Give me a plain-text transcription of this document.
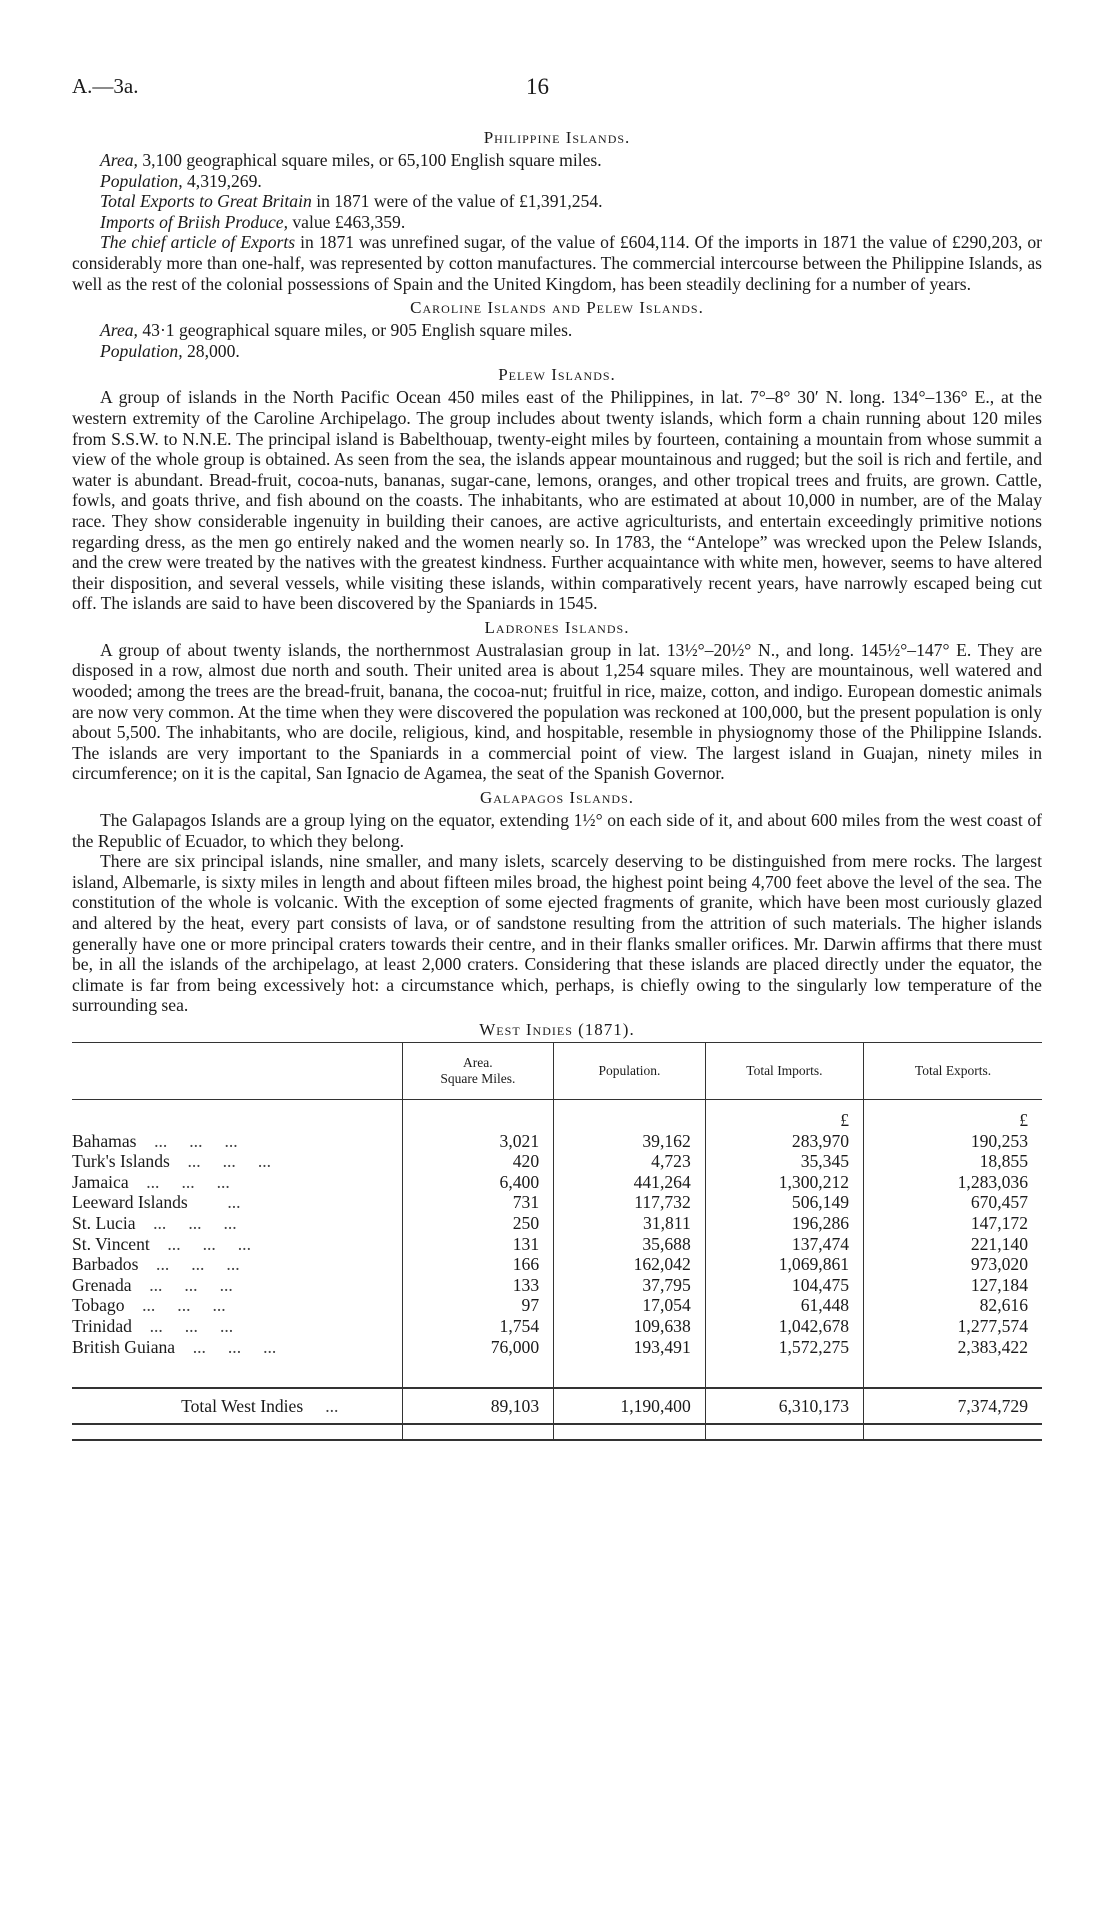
A.—3a.	16
Philippine Islands.

Area, 3,100 geographical square miles, or 65,100 English square miles.

Population, 4,319,269.

Total Exports to Great Britain in 1871 were of the value of £1,391,254.

Imports of Briish Produce, value £463,359.

The chief article of Exports in 1871 was unrefined sugar, of the value of £604,114. Of the imports in 1871 the value of £290,203, or considerably more than one-half, was represented by cotton manufactures. The commercial intercourse between the Philippine Islands, as well as the rest of the colonial possessions of Spain and the United Kingdom, has been steadily declining for a number of years.

Caroline Islands and Pelew Islands.

Area, 43·1 geographical square miles, or 905 English square miles.

Population, 28,000.

Pelew Islands.

A group of islands in the North Pacific Ocean 450 miles east of the Philippines, in lat. 7°–8° 30′ N. long. 134°–136° E., at the western extremity of the Caroline Archipelago. The group includes about twenty islands, which form a chain running about 120 miles from S.S.W. to N.N.E. The principal island is Babelthouap, twenty-eight miles by fourteen, containing a mountain from whose summit a view of the whole group is obtained. As seen from the sea, the islands appear mountainous and rugged; but the soil is rich and fertile, and water is abundant. Bread-fruit, cocoa-nuts, bananas, sugar-cane, lemons, oranges, and other tropical trees and fruits, are grown. Cattle, fowls, and goats thrive, and fish abound on the coasts. The inhabitants, who are estimated at about 10,000 in number, are of the Malay race. They show considerable ingenuity in building their canoes, are active agriculturists, and entertain exceedingly primitive notions regarding dress, as the men go entirely naked and the women nearly so. In 1783, the “Antelope” was wrecked upon the Pelew Islands, and the crew were treated by the natives with the greatest kindness. Further acquaintance with white men, however, seems to have altered their disposition, and several vessels, while visiting these islands, within comparatively recent years, have narrowly escaped being cut off. The islands are said to have been discovered by the Spaniards in 1545.

Ladrones Islands.

A group of about twenty islands, the northernmost Australasian group in lat. 13½°–20½° N., and long. 145½°–147° E. They are disposed in a row, almost due north and south. Their united area is about 1,254 square miles. They are mountainous, well watered and wooded; among the trees are the bread-fruit, banana, the cocoa-nut; fruitful in rice, maize, cotton, and indigo. European domestic animals are now very common. At the time when they were discovered the population was reckoned at 100,000, but the present population is only about 5,500. The inhabitants, who are docile, religious, kind, and hospitable, resemble in physiognomy those of the Philippine Islands. The islands are very important to the Spaniards in a commercial point of view. The largest island in Guajan, ninety miles in circumference; on it is the capital, San Ignacio de Agamea, the seat of the Spanish Governor.

Galapagos Islands.

The Galapagos Islands are a group lying on the equator, extending 1½° on each side of it, and about 600 miles from the west coast of the Republic of Ecuador, to which they belong.

There are six principal islands, nine smaller, and many islets, scarcely deserving to be distinguished from mere rocks. The largest island, Albemarle, is sixty miles in length and about fifteen miles broad, the highest point being 4,700 feet above the level of the sea. The constitution of the whole is volcanic. With the exception of some ejected fragments of granite, which have been most curiously glazed and altered by the heat, every part consists of lava, or of sandstone resulting from the attrition of such materials. The higher islands generally have one or more principal craters towards their centre, and in their flanks smaller orifices. Mr. Darwin affirms that there must be, in all the islands of the archipelago, at least 2,000 craters. Considering that these islands are placed directly under the equator, the climate is far from being excessively hot: a circumstance which, perhaps, is chiefly owing to the singularly low temperature of the surrounding sea.

West Indies (1871).
	Area.
Square Miles.	Population.	Total Imports.	Total Exports.
			£	£
Bahamas ...     ...     ...	3,021	39,162	283,970	190,253
Turk's Islands ...     ...     ...	420	4,723	35,345	18,855
Jamaica ...     ...     ...	6,400	441,264	1,300,212	1,283,036
Leeward Islands         ...	731	117,732	506,149	670,457
St. Lucia ...     ...     ...	250	31,811	196,286	147,172
St. Vincent ...     ...     ...	131	35,688	137,474	221,140
Barbados ...     ...     ...	166	162,042	1,069,861	973,020
Grenada ...     ...     ...	133	37,795	104,475	127,184
Tobago ...     ...     ...	97	17,054	61,448	82,616
Trinidad ...     ...     ...	1,754	109,638	1,042,678	1,277,574
British Guiana ...     ...     ...	76,000	193,491	1,572,275	2,383,422

Total West Indies ...	89,103	1,190,400	6,310,173	7,374,729
